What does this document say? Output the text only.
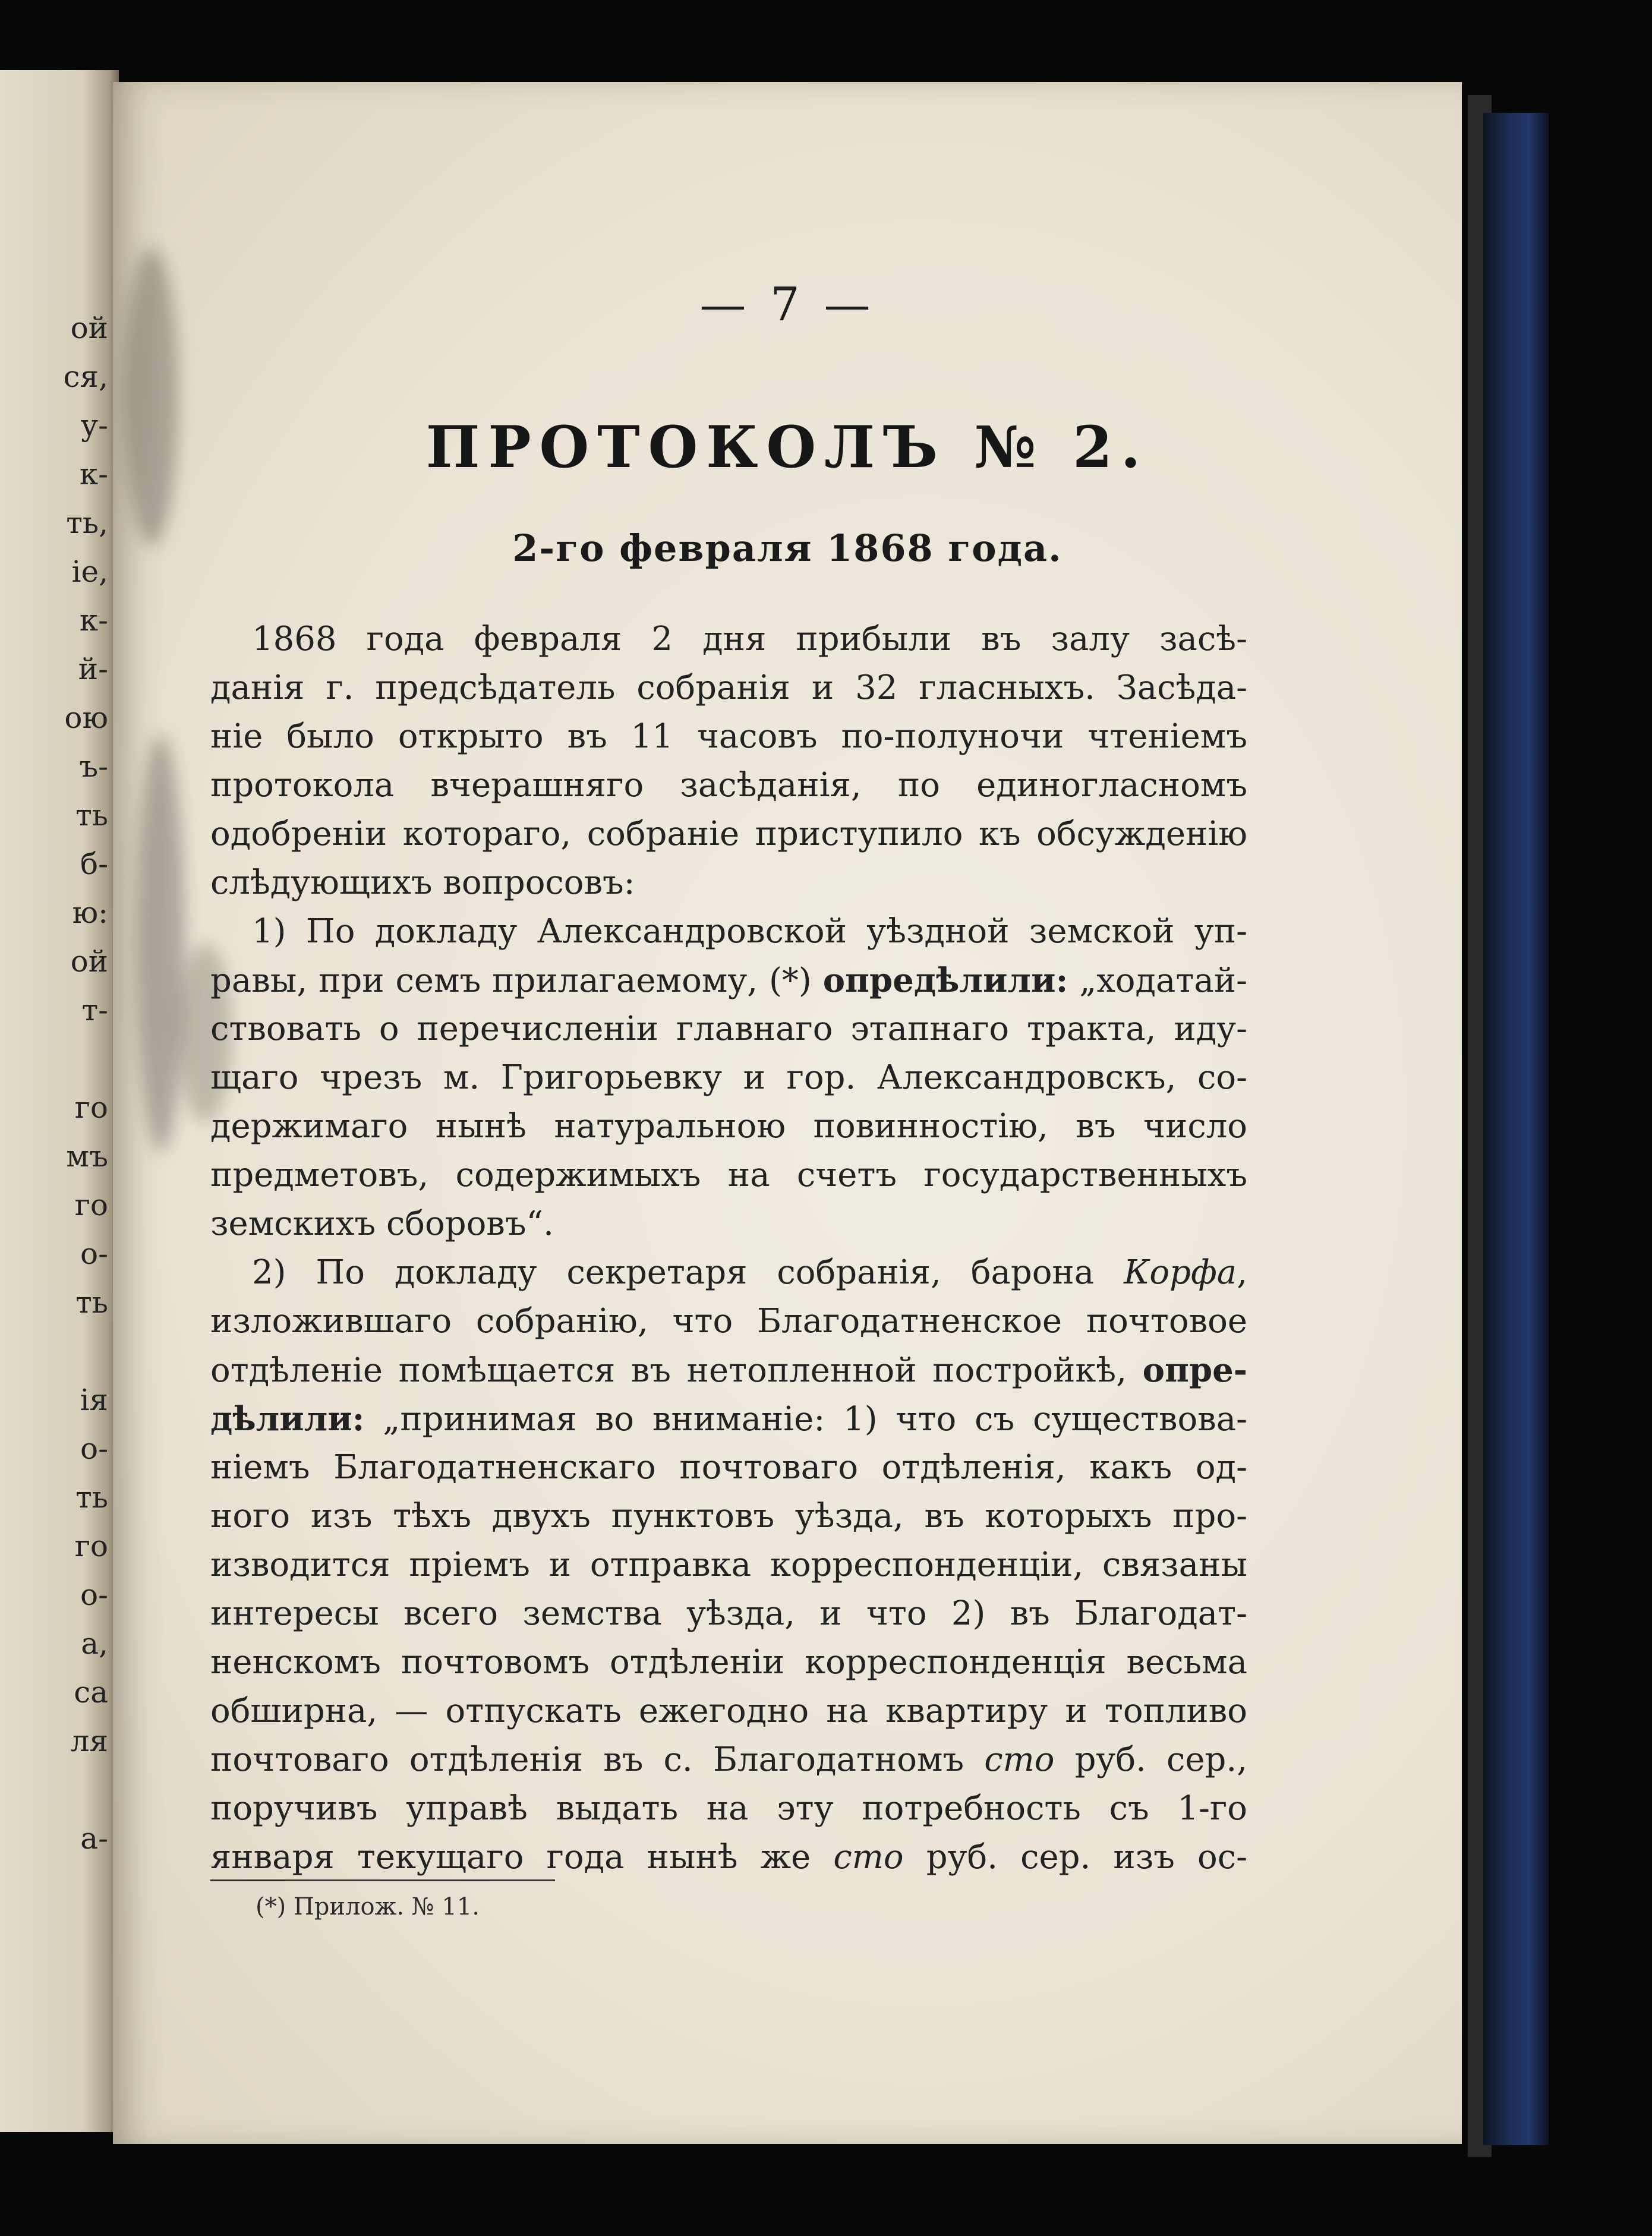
ой
ся,
у-
к-
ть,
іе,
к-
й-
ою
ъ-
ть
б-
ю:
ой
т-
го
мъ
го
о-
ть
ія
о-
ть
го
о-
а,
са
ля
а-
— 7 —
ПРОТОКОЛЪ № 2.
2-го февраля 1868 года.
1868 года февраля 2 дня прибыли въ залу засѣ-
данія г. предсѣдатель собранія и 32 гласныхъ. Засѣда-
ніе было открыто въ 11 часовъ по-полуночи чтеніемъ
протокола вчерашняго засѣданія, по единогласномъ
одобреніи котораго, собраніе приступило къ обсужденію
слѣдующихъ вопросовъ:
1) По докладу Александровской уѣздной земской уп-
равы, при семъ прилагаемому, (*) опредѣлили: „ходатай-
ствовать о перечисленіи главнаго этапнаго тракта, иду-
щаго чрезъ м. Григорьевку и гор. Александровскъ, со-
держимаго нынѣ натуральною повинностію, въ число
предметовъ, содержимыхъ на счетъ государственныхъ
земскихъ сборовъ“.
2) По докладу секретаря собранія, барона Корфа,
изложившаго собранію, что Благодатненское почтовое
отдѣленіе помѣщается въ нетопленной постройкѣ, опре-
дѣлили: „принимая во вниманіе: 1) что съ существова-
ніемъ Благодатненскаго почтоваго отдѣленія, какъ од-
ного изъ тѣхъ двухъ пунктовъ уѣзда, въ которыхъ про-
изводится пріемъ и отправка корреспонденціи, связаны
интересы всего земства уѣзда, и что 2) въ Благодат-
ненскомъ почтовомъ отдѣленіи корреспонденція весьма
обширна, — отпускать ежегодно на квартиру и топливо
почтоваго отдѣленія въ с. Благодатномъ сто руб. сер.,
поручивъ управѣ выдать на эту потребность съ 1-го
января текущаго года нынѣ же сто руб. сер. изъ ос-
(*) Прилож. № 11.
